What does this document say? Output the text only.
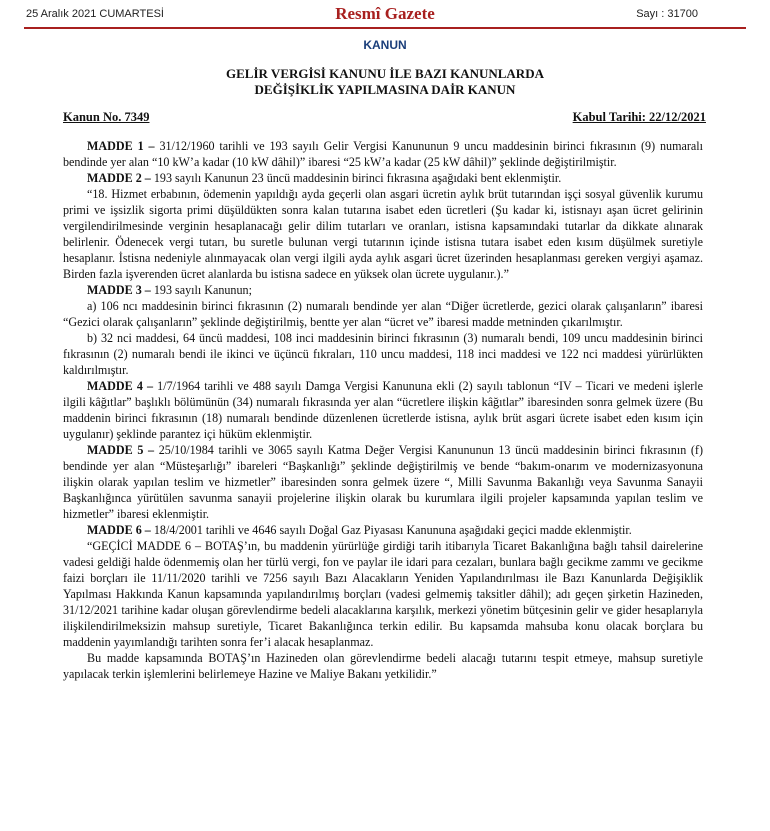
25 Aralık 2021 CUMARTESİ	Resmî Gazete	Sayı : 31700
KANUN
GELİR VERGİSİ KANUNU İLE BAZI KANUNLARDA
DEĞİŞİKLİK YAPILMASINA DAİR KANUN
Kanun No. 7349	Kabul Tarihi: 22/12/2021

MADDE 1 – 31/12/1960 tarihli ve 193 sayılı Gelir Vergisi Kanununun 9 uncu maddesinin birinci fıkrasının (9) numaralı bendinde yer alan “10 kW’a kadar (10 kW dâhil)” ibaresi “25 kW’a kadar (25 kW dâhil)” şeklinde değiştirilmiştir.

MADDE 2 – 193 sayılı Kanunun 23 üncü maddesinin birinci fıkrasına aşağıdaki bent eklenmiştir.

“18. Hizmet erbabının, ödemenin yapıldığı ayda geçerli olan asgari ücretin aylık brüt tutarından işçi sosyal güvenlik kurumu primi ve işsizlik sigorta primi düşüldükten sonra kalan tutarına isabet eden ücretleri (Şu kadar ki, istisnayı aşan ücret gelirinin vergilendirilmesinde verginin hesaplanacağı gelir dilim tutarları ve oranları, istisna kapsamındaki tutarlar da dikkate alınarak belirlenir. Ödenecek vergi tutarı, bu suretle bulunan vergi tutarının içinde istisna tutara isabet eden kısım düşülmek suretiyle hesaplanır. İstisna nedeniyle alınmayacak olan vergi ilgili ayda aylık asgari ücret üzerinden hesaplanması gereken vergiyi aşamaz. Birden fazla işverenden ücret alanlarda bu istisna sadece en yüksek olan ücrete uygulanır.).”

MADDE 3 – 193 sayılı Kanunun;

a) 106 ncı maddesinin birinci fıkrasının (2) numaralı bendinde yer alan “Diğer ücretlerde, gezici olarak çalışanların” ibaresi “Gezici olarak çalışanların” şeklinde değiştirilmiş, bentte yer alan “ücret ve” ibaresi madde metninden çıkarılmıştır.

b) 32 nci maddesi, 64 üncü maddesi, 108 inci maddesinin birinci fıkrasının (3) numaralı bendi, 109 uncu maddesinin birinci fıkrasının (2) numaralı bendi ile ikinci ve üçüncü fıkraları, 110 uncu maddesi, 118 inci maddesi ve 122 nci maddesi yürürlükten kaldırılmıştır.

MADDE 4 – 1/7/1964 tarihli ve 488 sayılı Damga Vergisi Kanununa ekli (2) sayılı tablonun “IV – Ticari ve medeni işlerle ilgili kâğıtlar” başlıklı bölümünün (34) numaralı fıkrasında yer alan “ücretlere ilişkin kâğıtlar” ibaresinden sonra gelmek üzere (Bu maddenin birinci fıkrasının (18) numaralı bendinde düzenlenen ücretlerde istisna, aylık brüt asgari ücrete isabet eden kısım için uygulanır) şeklinde parantez içi hüküm eklenmiştir.

MADDE 5 – 25/10/1984 tarihli ve 3065 sayılı Katma Değer Vergisi Kanununun 13 üncü maddesinin birinci fıkrasının (f) bendinde yer alan “Müsteşarlığı” ibareleri “Başkanlığı” şeklinde değiştirilmiş ve bende “bakım-onarım ve modernizasyonuna ilişkin olarak yapılan teslim ve hizmetler” ibaresinden sonra gelmek üzere “, Milli Savunma Bakanlığı veya Savunma Sanayii Başkanlığınca yürütülen savunma sanayii projelerine ilişkin olarak bu kurumlara ilgili projeler kapsamında yapılan teslim ve hizmetler” ibaresi eklenmiştir.

MADDE 6 – 18/4/2001 tarihli ve 4646 sayılı Doğal Gaz Piyasası Kanununa aşağıdaki geçici madde eklenmiştir.

“GEÇİCİ MADDE 6 – BOTAŞ’ın, bu maddenin yürürlüğe girdiği tarih itibarıyla Ticaret Bakanlığına bağlı tahsil dairelerine vadesi geldiği halde ödenmemiş olan her türlü vergi, fon ve paylar ile idari para cezaları, bunlara bağlı gecikme zammı ve gecikme faizi borçları ile 11/11/2020 tarihli ve 7256 sayılı Bazı Alacakların Yeniden Yapılandırılması ile Bazı Kanunlarda Değişiklik Yapılması Hakkında Kanun kapsamında yapılandırılmış borçları (vadesi gelmemiş taksitler dâhil); adı geçen şirketin Hazineden, 31/12/2021 tarihine kadar oluşan görevlendirme bedeli alacaklarına karşılık, merkezi yönetim bütçesinin gelir ve gider hesaplarıyla ilişkilendirilmeksizin mahsup suretiyle, Ticaret Bakanlığınca terkin edilir. Bu kapsamda mahsuba konu olacak borçlara bu maddenin yayımlandığı tarihten sonra fer’i alacak hesaplanmaz.

Bu madde kapsamında BOTAŞ’ın Hazineden olan görevlendirme bedeli alacağı tutarını tespit etmeye, mahsup suretiyle yapılacak terkin işlemlerini belirlemeye Hazine ve Maliye Bakanı yetkilidir.”
